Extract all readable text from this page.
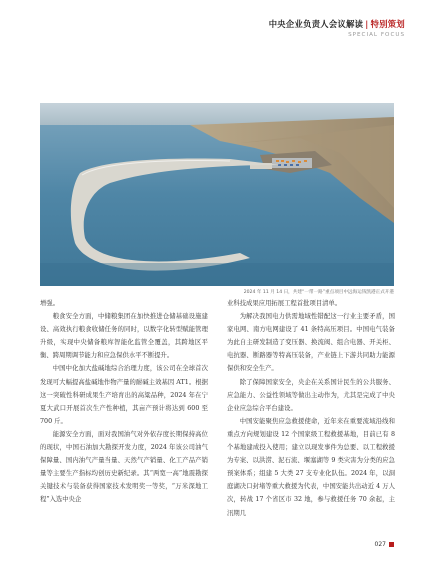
中央企业负责人会议解读 | 特别策划
SPECIAL FOCUS
2024 年 11 月 14 日，共建“一带一路”重点项目中远海运钱凯港正式开港

增强。

粮食安全方面，中储粮集团在加快推进仓储基础设施建设、高效执行粮食收储任务的同时，以数字化转型赋能管理升级，实现中央储备粮库智能化监管全覆盖，其跨地区平衡、跨周期调节能力和应急保供水平不断提升。

中国中化加大盐碱地综合治理力度，该公司在全球首次发现可大幅提高盐碱地作物产量的耐碱主效基因 AT1。根据这一突破性科研成果生产培育出的高粱品种，2024 年在宁夏大武口开展首次生产性种植，其亩产预计将达到 600 至 700 斤。

能源安全方面，面对我国油气对外依存度长期保持高位的现状，中国石油加大勘探开发力度，2024 年该公司油气保障量、国内油气产量当量、天然气产销量、化工产品产销量等主要生产指标均创历史新纪录。其“两宽一高”地震勘探关键技术与装备获得国家技术发明奖一等奖，“万米深地工程”入选中央企

业科技成果应用拓展工程首批项目清单。

为解决我国电力供需地域性错配这一行业主要矛盾，国家电网、南方电网建设了 41 条特高压项目。中国电气装备为此自主研发制造了变压器、换流阀、组合电器、开关柜、电抗器、断路器等特高压装备，产业链上下游共同助力能源保供和安全生产。

除了保障国家安全，央企在关系国计民生的公共服务、应急能力、公益性领域等做出主动作为，尤其是完成了中央企业应急综合平台建设。

中国安能聚焦应急救援使命，近年来在重要流域沿线和重点方向规划建设 12 个国家级工程救援基地，目前已有 8 个基地建成投入使用；建立以现发事件为总要、以工程救援为专案、以洪涝、泥石流、堰塞湖等 9 类灾害为分类的应急预案体系；组建 5 大类 27 支专业化队伍。2024 年，以洞庭湖决口封堵等重大救援为代表，中国安能共出动近 4 万人次，转战 17 个省区市 32 地，参与救援任务 70 余起，主汛期几

027
